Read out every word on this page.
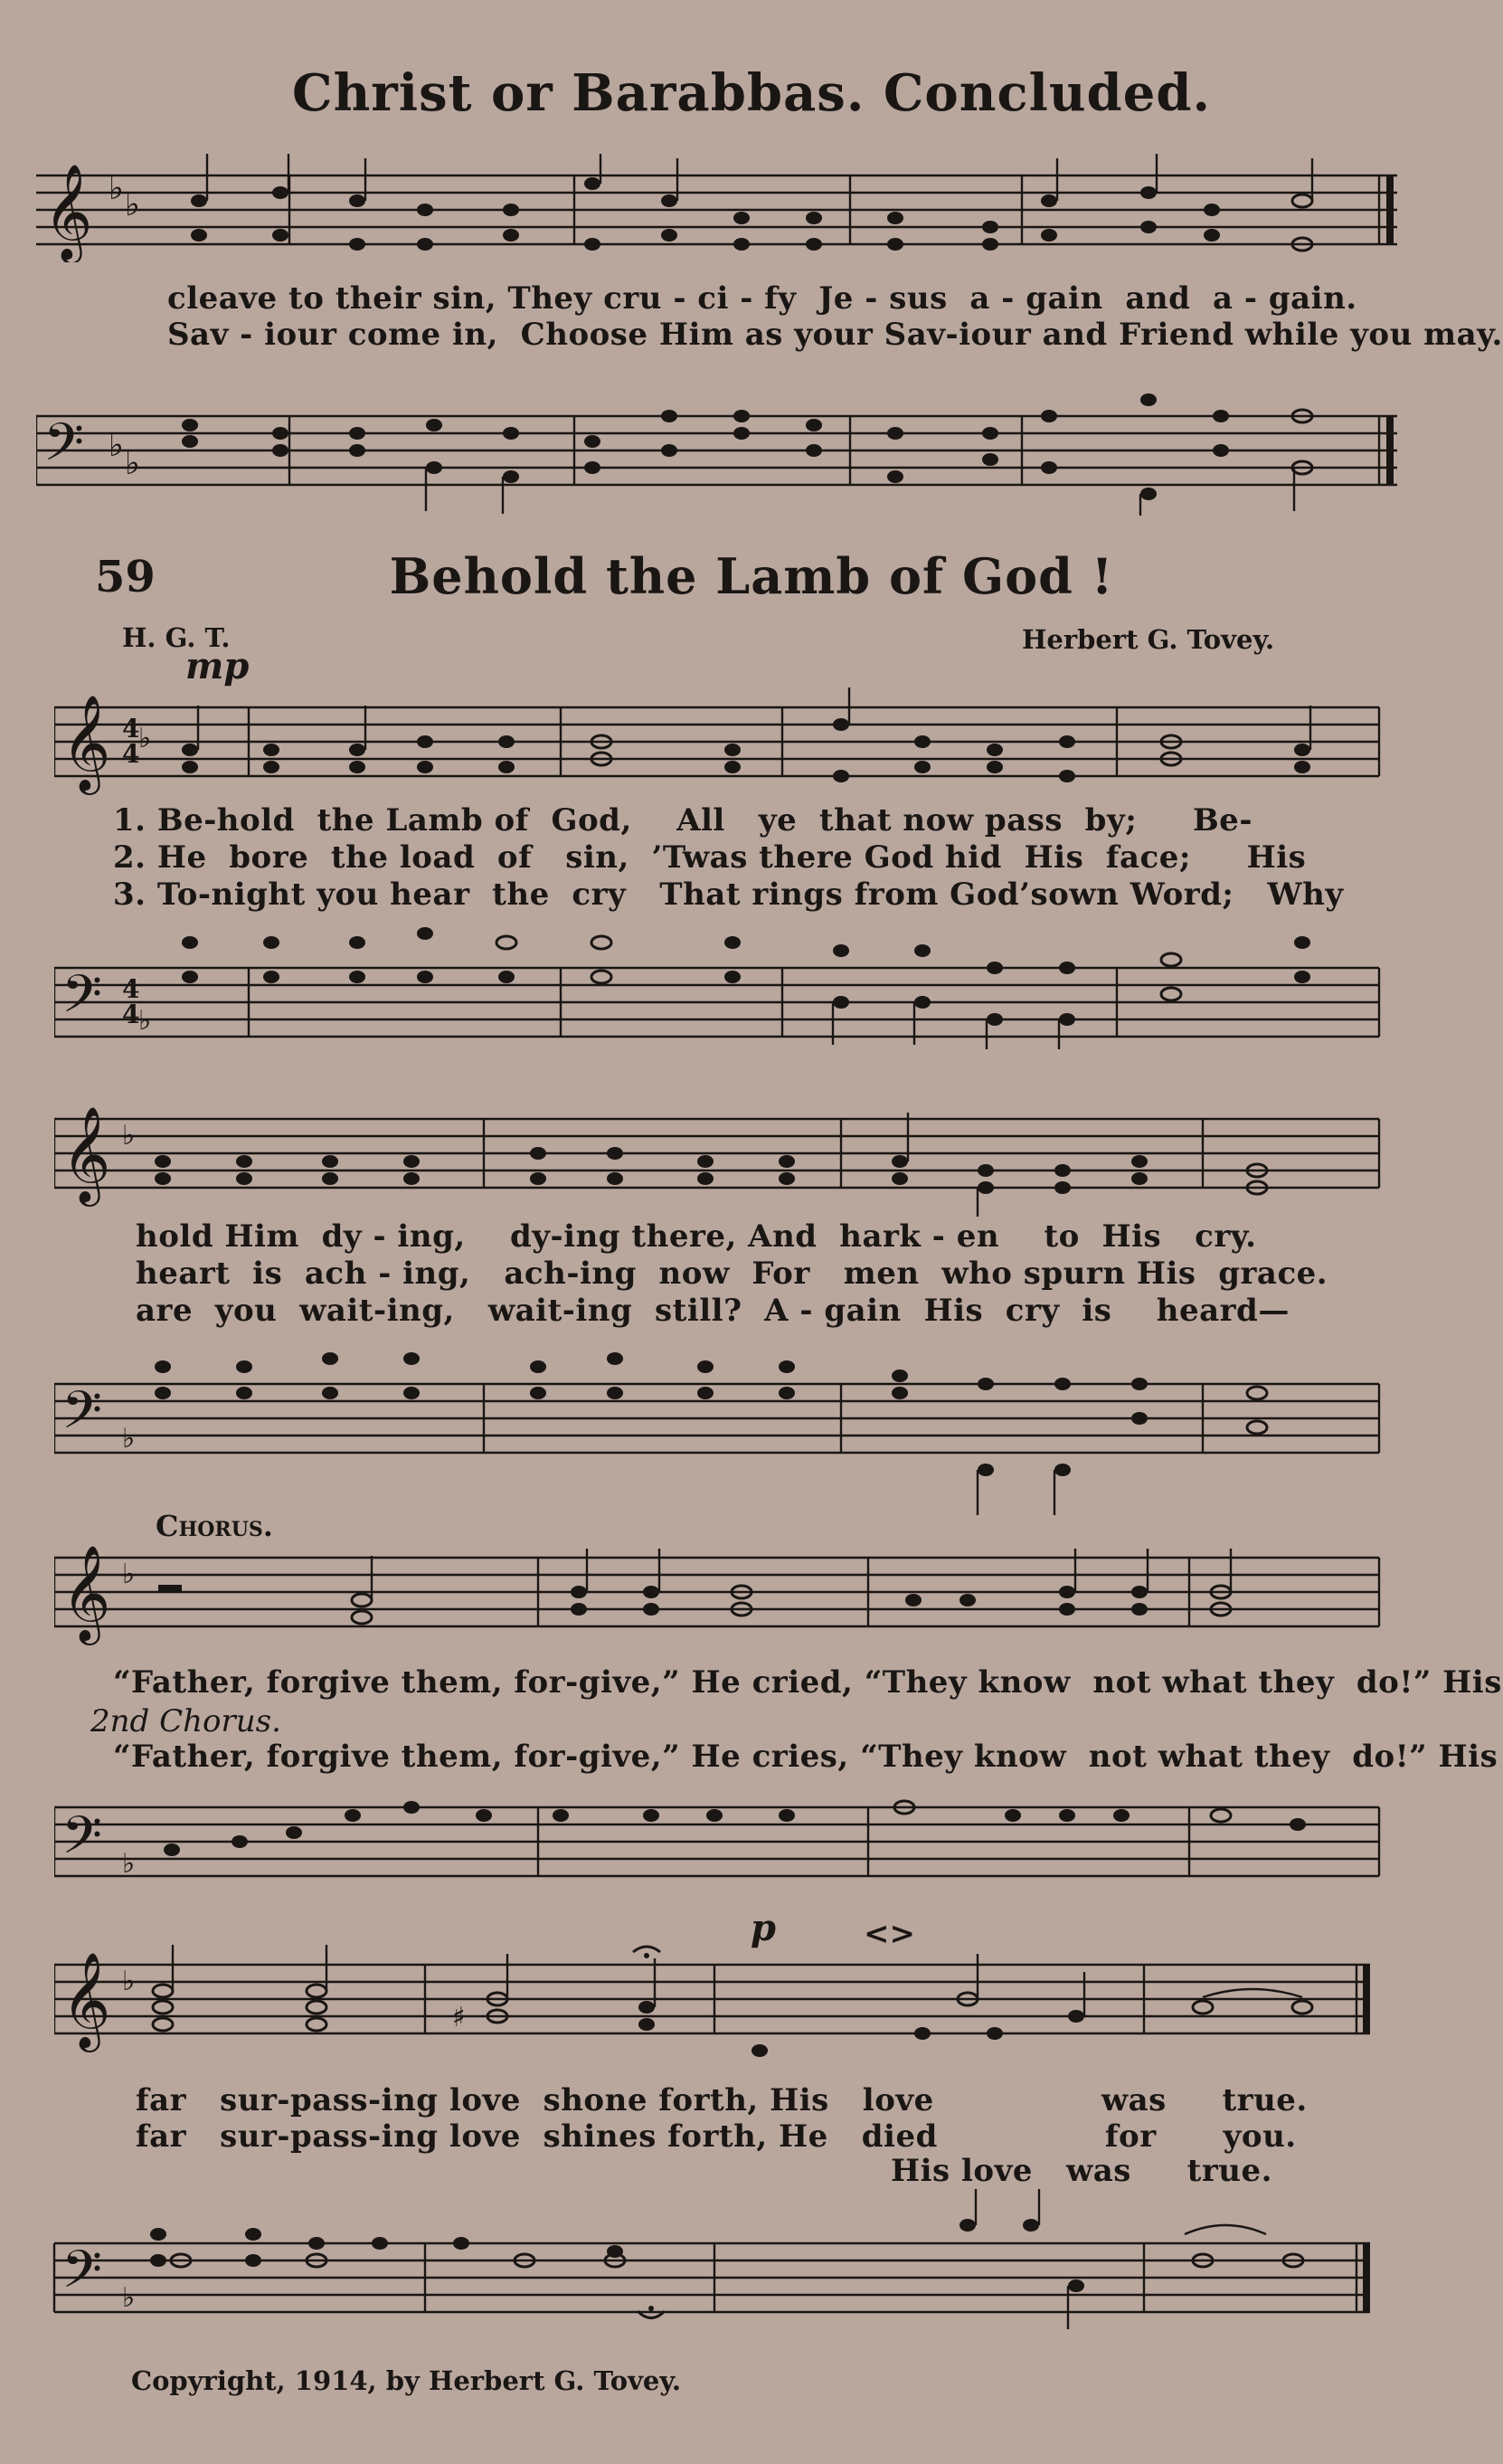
Christ or Barabbas. Concluded.
𝄞 ♭ ♭
cleave to their sin, They cru - ci - fy  Je - sus  a - gain  and  a - gain.
Sav - iour come in,  Choose Him as your Sav-iour and Friend while you may.
𝄢 ♭ ♭
59	Behold the Lamb of God !
H. G. T.	Herbert G. Tovey.
mp
𝄞 4
4
♭
1. Be-hold  the Lamb of  God,    All   ye  that now pass  by;     Be-
2. He  bore  the load  of   sin,  ’Twas there God hid  His  face;     His
3. To-night you hear  the  cry   That rings from God’sown Word;   Why
𝄢 4
4
♭
𝄞 ♭
hold Him  dy - ing,    dy-ing there, And  hark - en    to  His   cry.
heart  is  ach - ing,   ach-ing  now  For   men  who spurn His  grace.
are  you  wait-ing,   wait-ing  still?  A - gain  His  cry  is    heard—
𝄢 ♭
Chorus.
𝄞 ♭
“Father, forgive them, for-give,” He cried, “They know  not what they  do!” His
2nd Chorus.
“Father, forgive them, for-give,” He cries, “They know  not what they  do!” His
𝄢 ♭
p	<>
𝄞 ♭
♯
far   sur-pass-ing love  shone forth, His   love               was     true.
far   sur-pass-ing love  shines forth, He   died               for      you.
His love   was     true.
𝄢 ♭
Copyright, 1914, by Herbert G. Tovey.
